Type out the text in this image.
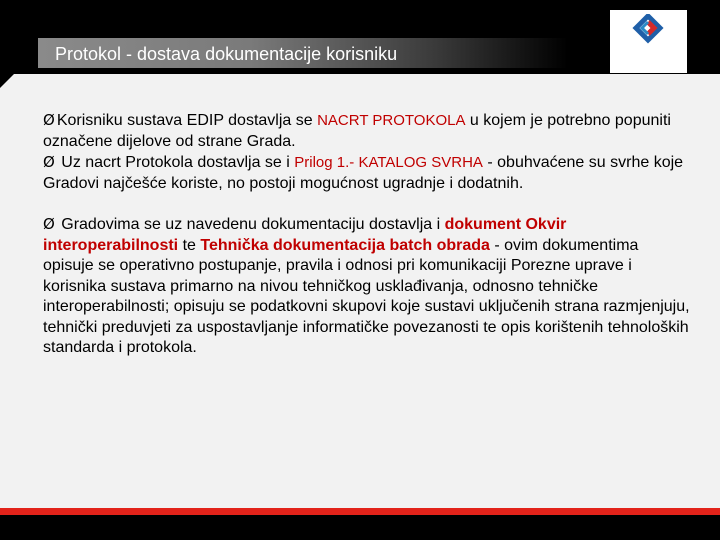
Protokol - dostava dokumentacije korisniku

Ø Korisniku sustava EDIP dostavlja se NACRT PROTOKOLA u kojem je potrebno popuniti označene dijelove od strane Grada.

Ø Uz nacrt Protokola dostavlja se i Prilog 1.- KATALOG SVRHA - obuhvaćene su svrhe koje Gradovi najčešće koriste, no postoji mogućnost ugradnje i dodatnih.

Ø Gradovima se uz navedenu dokumentaciju dostavlja i dokument Okvir interoperabilnosti te Tehnička dokumentacija batch obrada - ovim dokumentima opisuje se operativno postupanje, pravila i odnosi pri komunikaciji Porezne uprave i korisnika sustava primarno na nivou tehničkog usklađivanja, odnosno tehničke interoperabilnosti; opisuju se podatkovni skupovi koje sustavi uključenih strana razmjenjuju, tehnički preduvjeti za uspostavljanje informatičke povezanosti te opis korištenih tehnoloških standarda i protokola.
